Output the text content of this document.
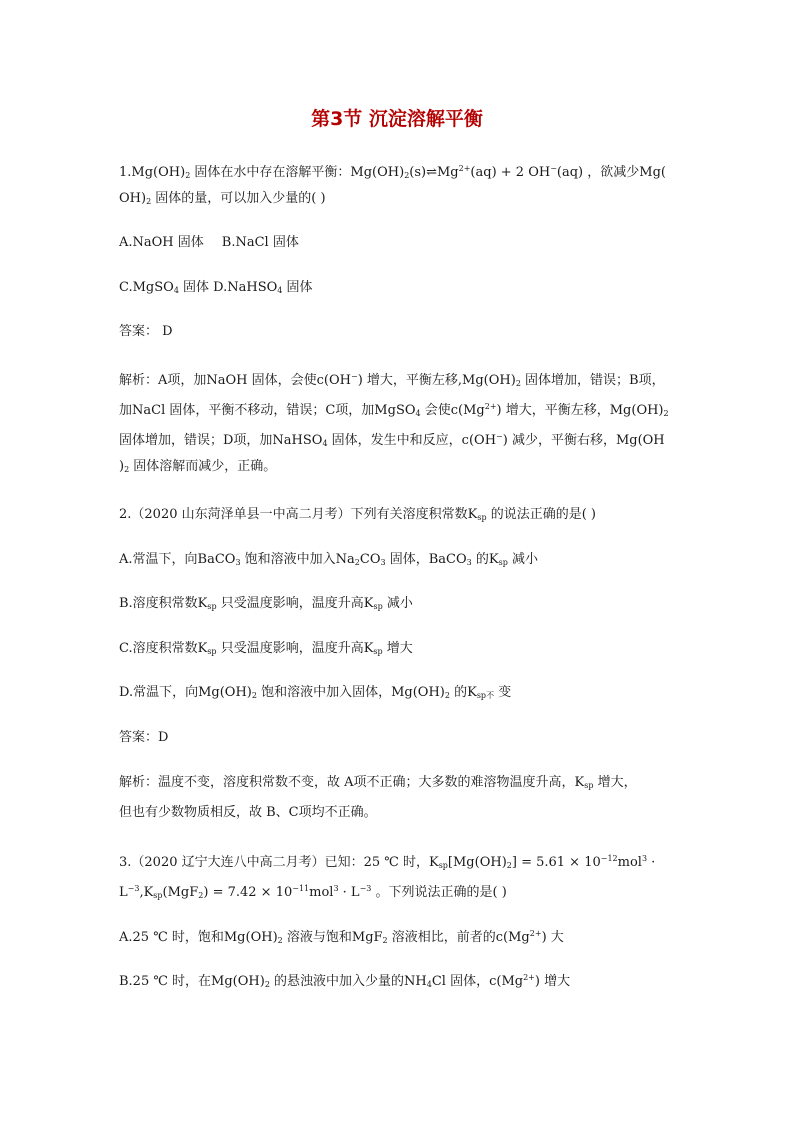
第3节 沉淀溶解平衡
$1.Mg(OH)_2$ 固体在水中存在溶解平衡：$Mg(OH)_2(s)\rightleftharpoons Mg^{2+}(aq) + 2$ OH−(aq) ，欲减少Mg(
$OH)_2$ 固体的量，可以加入少量的( )
A.NaOH 固体 B.NaCl 固体
C.MgSO$_4$ 固体 D.NaHSO$_4$ 固体
答案： D
解析：A项，加NaOH 固体，会使c(OH−) 增大，平衡左移$,Mg(OH)_2$ 固体增加，错误；B项，
加NaCl 固体，平衡不移动，错误；C项，加MgSO$_4$ 会使$c(Mg^{2+})$ 增大，平衡左移，$Mg(OH)_2$
固体增加，错误；D项，加NaHSO$_4$ 固体，发生中和反应，c(OH−) 减少，平衡右移，Mg(OH
)$_2$ 固体溶解而减少，正确。
2.（2020 山东菏泽单县一中高二月考）下列有关溶度积常数$K_{sp}$ 的说法正确的是( )
A.常温下，向BaCO$_3$ 饱和溶液中加入$Na_2CO_3$ 固体，BaCO$_3$ 的$K_{sp}$ 减小
B.溶度积常数$K_{sp}$ 只受温度影响，温度升高$K_{sp}$ 减小
C.溶度积常数$K_{sp}$ 只受温度影响，温度升高$K_{sp}$ 增大
D.常温下，向$Mg(OH)_2$ 饱和溶液中加入固体，$Mg(OH)_2$ 的$K_{sp不}$ 变
答案：D
解析：温度不变，溶度积常数不变，故 A项不正确；大多数的难溶物温度升高，$K_{sp}$ 增大，
但也有少数物质相反，故 B、C项均不正确。
3.（2020 辽宁大连八中高二月考）已知：25 ℃ 时，$K_{sp}[Mg(OH)_2] = 5.61 \times 10^{-12}mol^3$ ·
$L^{-3},K_{sp}(MgF_2) = 7.42 \times 10^{-11}mol^3 \cdot L^{-3}$ 。下列说法正确的是( )
A.25 ℃ 时，饱和$Mg(OH)_2$ 溶液与饱和MgF$_2$ 溶液相比，前者的$c(Mg^{2+})$ 大
B.25 ℃ 时，在$Mg(OH)_2$ 的悬浊液中加入少量的$NH_4Cl$ 固体，$c(Mg^{2+})$ 增大
